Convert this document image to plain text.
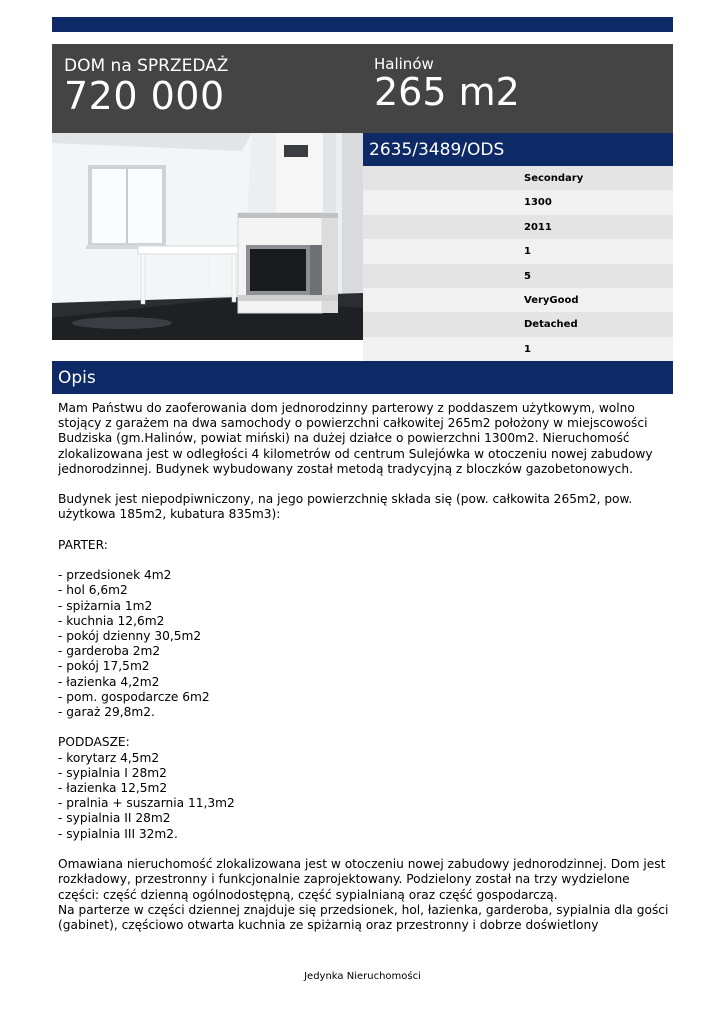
DOM na SPRZEDAŻ
720 000
Halinów
265 m2
2635/3489/ODS
Secondary
1300
2011
1
5
VeryGood
Detached
1
Opis
Mam Państwu do zaoferowania dom jednorodzinny parterowy z poddaszem użytkowym, wolno stojący z garażem na dwa samochody o powierzchni całkowitej 265m2 położony w miejscowości Budziska (gm.Halinów, powiat miński) na dużej działce o powierzchni 1300m2. Nieruchomość zlokalizowana jest w odległości 4 kilometrów od centrum Sulejówka w otoczeniu nowej zabudowy jednorodzinnej. Budynek wybudowany został metodą tradycyjną z bloczków gazobetonowych.

Budynek jest niepodpiwniczony, na jego powierzchnię składa się (pow. całkowita 265m2, pow. użytkowa 185m2, kubatura 835m3):

PARTER:

- przedsionek 4m2
- hol 6,6m2
- spiżarnia 1m2
- kuchnia 12,6m2
- pokój dzienny 30,5m2
- garderoba 2m2
- pokój 17,5m2
- łazienka 4,2m2
- pom. gospodarcze 6m2
- garaż 29,8m2.

PODDASZE:
- korytarz 4,5m2
- sypialnia I 28m2
- łazienka 12,5m2
- pralnia + suszarnia 11,3m2
- sypialnia II 28m2
- sypialnia III 32m2.

Omawiana nieruchomość zlokalizowana jest w otoczeniu nowej zabudowy jednorodzinnej. Dom jest rozkładowy, przestronny i funkcjonalnie zaprojektowany. Podzielony został na trzy wydzielone części: część dzienną ogólnodostępną, część sypialnianą oraz część gospodarczą.
Na parterze w części dziennej znajduje się przedsionek, hol, łazienka, garderoba, sypialnia dla gości (gabinet), częściowo otwarta kuchnia ze spiżarnią oraz przestronny i dobrze doświetlony
Jedynka Nieruchomości
